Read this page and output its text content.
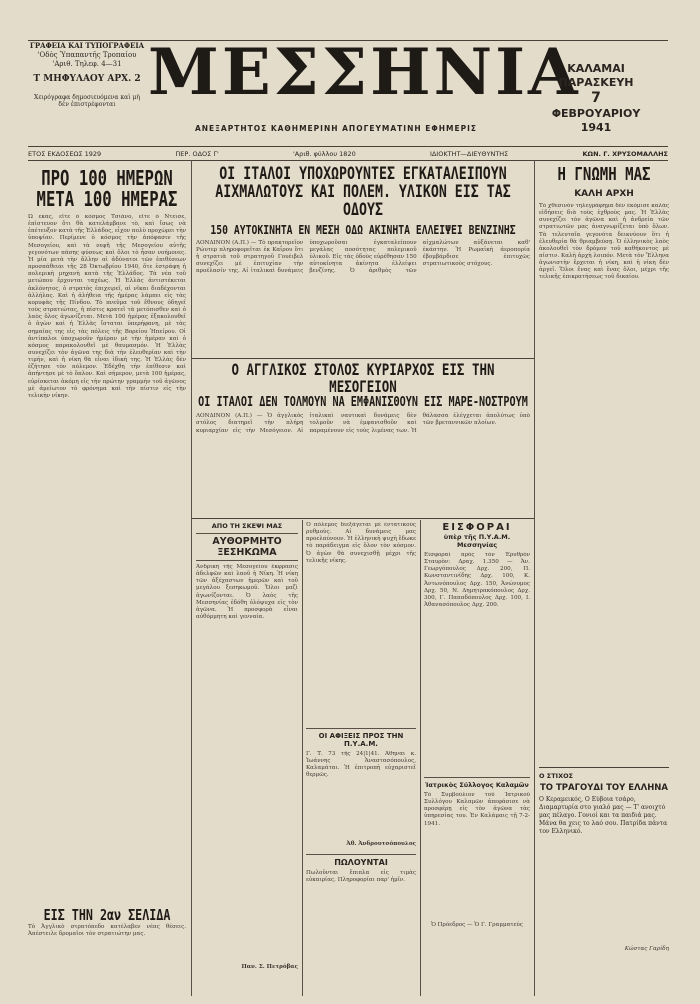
ΓΡΑΦΕΙΑ ΚΑΙ ΤΥΠΟΓΡΑΦΕΙΑ
'Οδὸς Ὑπαπαντῆς Τροπαίου
'Αριθ. Τηλεφ. 4—31
Τ ΜΗΦΥΛΑΟΥ ΑΡΧ. 2
Χειρόγραφα δημοσιευόμενα καὶ μὴ δὲν ἐπιστρέφονται ΜΕΣΣΗΝΙΑ
ΑΝΕΞΑΡΤΗΤΟΣ ΚΑΘΗΜΕΡΙΝΗ ΑΠΟΓΕΥΜΑΤΙΝΗ ΕΦΗΜΕΡΙΣ
ΚΑΛΑΜΑΙ
ΠΑΡΑΣΚΕΥΗ
7
ΦΕΒΡΟΥΑΡΙΟΥ
1941
ΕΤΟΣ ΕΚΔΟΣΕΩΣ 1929	ΠΕΡ. ΟΔΟΣ Γ'	'Αριθ. φύλλου 1820	ΙΔΙΟΚΤΗΤ—ΔΙΕΥΘΥΝΤΗΣ	ΚΩΝ. Γ. ΧΡΥΣΟΜΑΛΛΗΣ
ΠΡΟ 100 ΗΜΕΡΩΝ
ΜΕΤΑ 100 ΗΜΕΡΑΣ
Ὡ εκας, εἴτε ὁ κόσμος Τσιάνο, εἴτε ὁ Ντεϊσε, ἐπίστευον ὅτι θὰ κατελάμβανε τὸ, καὶ ἴσως νὰ ἐπέτευξον κατὰ τῆς Ἑλλάδος, εἶχον πολὺ προχώρει τὴν ὑποψίαν. Περίμενε ὁ κόσμος τὴν ἀπόφασιν τῆς Μεσογείου, καὶ τὰ νεφῆ τῆς Μεσογείου αὐτῆς γεγονότων πάσης φύσεως καὶ ὅλοι τὸ ἦσαν νοήμονες. Ἡ μία μετὰ τὴν ἄλλην αἱ ἀδύνατοι τῶν ἐπιθέσεων προσπάθειαι τῆς 28 Ὀκτωβρίου 1940, ὅτε ἐστράφη ἡ πολεμικὴ μηχανὴ κατὰ τῆς Ἑλλάδος. Τὰ νέα τοῦ μετώπου ἔρχονται ταχέως. Ἡ Ἑλλὰς ἀντιστέκεται ἀκλόνητος, ὁ στρατὸς ἐπιχειρεῖ, αἱ νῖκαι διαδέχονται ἀλλήλας. Καὶ ἡ ἀλήθεια τῆς ἡμέρας λάμπει εἰς τὰς κορυφὰς τῆς Πίνδου. Τὸ πνεῦμα τοῦ ἔθνους ὁδηγεῖ τοὺς στρατιώτας, ἡ πίστις κρατεῖ τὰ μετόπισθεν καὶ ὁ λαὸς ὅλος ἀγωνίζεται. Μετὰ 100 ἡμέρας ἐξακολουθεῖ ὁ ἀγὼν καὶ ἡ Ἑλλὰς ἵσταται ὑπερήφανη, μὲ τὰς σημαίας της εἰς τὰς πόλεις τῆς Βορείου Ἠπείρου. Οἱ ἀντίπαλοι ὑποχωροῦν ἡμέραν μὲ τὴν ἡμέραν καὶ ὁ κόσμος παρακολουθεῖ μὲ θαυμασμόν. Ἡ Ἑλλὰς συνεχίζει τὸν ἀγῶνα της διὰ τὴν ἐλευθερίαν καὶ τὴν τιμήν, καὶ ἡ νίκη θὰ εἶναι ἰδική της. Ἡ Ἑλλὰς δὲν ἐζήτησε τὸν πόλεμον. Ἐδέχθη τὴν ἐπίθεσιν καὶ ἀπήντησε μὲ τὸ ὅπλον. Καὶ σήμερον, μετὰ 100 ἡμέρας, εὑρίσκεται ἀκόμη εἰς τὴν πρώτην γραμμὴν τοῦ ἀγῶνος μὲ ἀμείωτον τὸ φρόνημα καὶ τὴν πίστιν εἰς τὴν τελικὴν νίκην.
ΕΙΣ ΤΗΝ 2αν ΣΕΛΙΔΑ
Τὸ Ἀγγλικὸ στρατόπεδο κατέλαβεν νέας θέσεις. Ἀπέστειλε δρομαῖοι τὸν στρατιώτην μας.
ΟΙ ΙΤΑΛΟΙ ΥΠΟΧΩΡΟΥΝΤΕΣ ΕΓΚΑΤΑΛΕΙΠΟΥΝ
ΑΙΧΜΑΛΩΤΟΥΣ ΚΑΙ ΠΟΛΕΜ. ΥΛΙΚΟΝ ΕΙΣ ΤΑΣ ΟΔΟΥΣ
150 ΑΥΤΟΚΙΝΗΤΑ ΕΝ ΜΕΣΗ ΟΔΩ ΑΚΙΝΗΤΑ ΕΛΛΕΙΨΕΙ ΒΕΝΖΙΝΗΣ
ΛΟΝΔΙΝΟΝ (Α.Π.) — Τὸ πρακτορεῖον Ρώυτερ πληροφορεῖται ἐκ Καΐρου ὅτι ἡ στρατιὰ τοῦ στρατηγοῦ Γουέιβελ συνεχίζει μὲ ἐπιτυχίαν τὴν προέλασίν της. Αἱ ἰταλικαὶ δυνάμεις ὑποχωροῦσαι ἐγκαταλείπουν μεγάλας ποσότητας πολεμικοῦ ὑλικοῦ. Εἰς τὰς ὁδοὺς εὑρέθησαν 150 αὐτοκίνητα ἀκίνητα ἐλλείψει βενζίνης. Ὁ ἀριθμὸς τῶν αἰχμαλώτων αὐξάνεται καθ' ἑκάστην. Ἡ Ρωμαϊκὴ ἀεροπορία ἐβομβάρδισε ἐπιτυχῶς στρατιωτικοὺς στόχους.
Ο ΑΓΓΛΙΚΟΣ ΣΤΟΛΟΣ ΚΥΡΙΑΡΧΟΣ ΕΙΣ ΤΗΝ ΜΕΣΟΓΕΙΟΝ
ΟΙ ΙΤΑΛΟΙ ΔΕΝ ΤΟΛΜΟΥΝ ΝΑ ΕΜΦΑΝΙΣΘΟΥΝ ΕΙΣ ΜΑΡΕ-ΝΟΣΤΡΟΥΜ
ΛΟΝΔΙΝΟΝ (Α.Π.) — Ὁ ἀγγλικὸς στόλος διατηρεῖ τὴν πλήρη κυριαρχίαν εἰς τὴν Μεσόγειον. Αἱ ἰταλικαὶ ναυτικαὶ δυνάμεις δὲν τολμοῦν νὰ ἐμφανισθοῦν καὶ παραμένουν εἰς τοὺς λιμένας των. Ἡ θάλασσα ἐλέγχεται ἀπολύτως ὑπὸ τῶν βρεταννικῶν πλοίων.
ΑΠΟ ΤΗ ΣΚΕΨΙ ΜΑΣ
ΑΥΘΟΡΜΗΤΟ ΞΕΣΗΚΩΜΑ
Ἀνδρικὴ τῆς Μεσογείου ἔκφρασις ἀδελφῶν καὶ λαοῦ ἡ Νίκη. Ἡ νίκη τῶν ἀξέχαστων ἡμερῶν καὶ τοῦ μεγάλου ξεσηκωμοῦ. Ὅλοι μαζὶ ἀγωνίζονται. Ὁ λαὸς τῆς Μεσσηνίας ἐδόθη ὁλόψυχα εἰς τὸν ἀγῶνα. Ἡ προσφορὰ εἶναι αὐθόρμητη καὶ γενναία.
Παν. Σ. Πετρόβας
Ὁ πόλεμος διεξάγεται μὲ ἐντατικοὺς ρυθμοὺς. Αἱ δυνάμεις μας προελαύνουν. Ἡ ἑλληνικὴ ψυχὴ ἔδωκε τὸ παράδειγμα εἰς ὅλον τὸν κόσμον. Ὁ ἀγὼν θὰ συνεχισθῇ μέχρι τῆς τελικῆς νίκης.
ΟΙ ΑΦΙΞΕΙΣ ΠΡΟΣ ΤΗΝ Π.Υ.Α.Μ.
Γ. Τ. 73 τῆς 24|1|41. Ἀθηναι κ. Ἰωάννης Ἀναστασόπουλος, Καλαμάται. Ἡ ἐπιτροπὴ εὐχαριστεῖ θερμῶς.
Ἀθ. Ἀνδρουτσόπουλος
ΠΩΛΟΥΝΤΑΙ
Πωλοῦνται ἔπιπλα εἰς τιμὰς εὐκαιρίας. Πληροφορίαι παρ' ἡμῖν.
ΕΙΣΦΟΡΑΙ
ὑπὲρ τῆς Π.Υ.Α.Μ. Μεσσηνίας
Εἰσφοραὶ πρὸς τὸν Ἐρυθρὸν Σταυρὸν: Δραχ. 1.350 — Ἀν. Γεωργόπουλος Δρχ. 200, Π. Κωνσταντινίδης Δρχ. 100, Κ. Ἀντωνόπουλος Δρχ. 150, Ἀνώνυμος Δρχ. 50, Ν. Δημητρακόπουλος Δρχ. 300, Γ. Παπαδόπουλος Δρχ. 100, Ι. Ἀθανασόπουλος Δρχ. 200.
Ἰατρικὸς Σύλλογος Καλαμῶν
Τὸ Συμβούλιον τοῦ Ἰατρικοῦ Συλλόγου Καλαμῶν ἀπεφάσισε νὰ προσφέρῃ εἰς τὸν ἀγῶνα τὰς ὑπηρεσίας του. Ἐν Καλάμαις τῇ 7-2-1941.
Ὁ Πρόεδρος — Ὁ Γ. Γραμματεύς
Η ΓΝΩΜΗ ΜΑΣ
ΚΑΛΗ ΑΡΧΗ
Τὸ χθεσινὸν τηλεγράφημα δὲν ἐκόμισε καλὰς εἰδήσεις διὰ τοὺς ἐχθροὺς μας. Ἡ Ἑλλὰς συνεχίζει τὸν ἀγῶνα καὶ ἡ ἀνδρεία τῶν στρατιωτῶν μας ἀναγνωρίζεται ὑπὸ ὅλων. Τὰ τελευταῖα γεγονότα δεικνύουν ὅτι ἡ ἐλευθερία θὰ θριαμβεύσῃ. Ὁ ἑλληνικὸς λαὸς ἀκολουθεῖ τὸν δρόμον τοῦ καθήκοντος μὲ πίστιν. Καλὴ ἀρχὴ λοιπόν. Μετὰ τὸν Ἔλληνα ἀγωνιστὴν ἔρχεται ἡ νίκη, καὶ ἡ νίκη δὲν ἀργεῖ. Ὅλοι ἕνας καὶ ἕνας ὅλοι, μέχρι τῆς τελικῆς ἐπικρατήσεως τοῦ δικαίου.
Ο ΣΤΙΧΟΣ
ΤΟ ΤΡΑΓΟΥΔΙ ΤΟΥ ΕΛΛΗΝΑ
Ο Κεραμεικός, Ο Εύβοια τσάρο, Διαμαρτυρία στο γιαλό μας — Τ' ανοιχτό μας πέλαγο. Γονιοί και τα παιδιά μας. Μάνα θα χεις το λαό σου. Πατρίδα πάντα τον Ελληνικό.
Κώστας Γαρίδη
